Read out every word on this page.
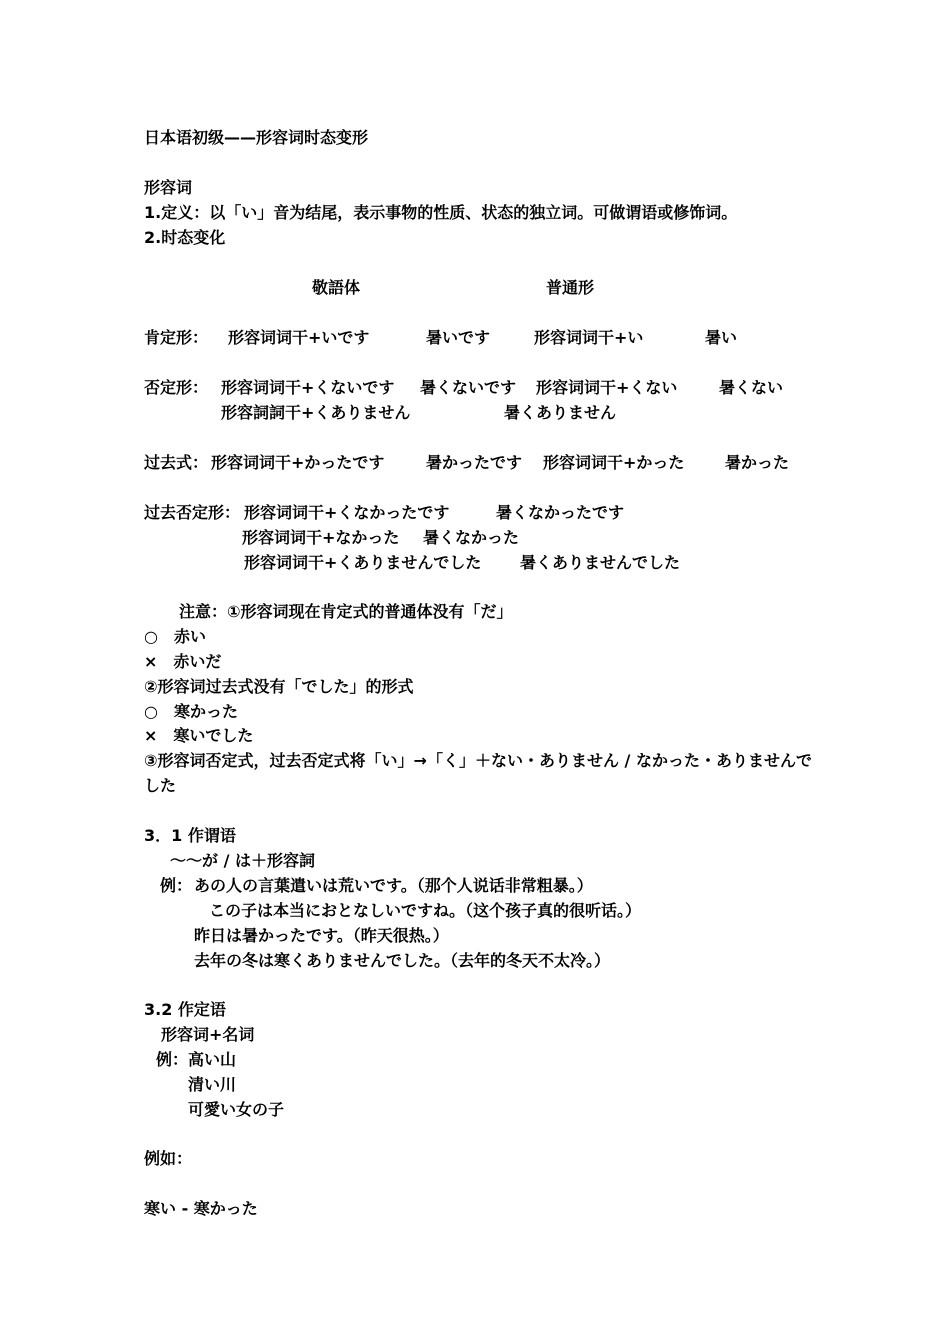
日本语初级——形容词时态变形
形容词
1.定义：以「い」音为结尾，表示事物的性质、状态的独立词。可做谓语或修饰词。
2.时态变化
敬語体	普通形
肯定形： 形容词词干+いです	暑いです	形容词词干+い	暑い
否定形： 形容词词干+くないです 暑くないです 形容词词干+くない	暑くない
形容詞詞干+くありません	暑くありません
过去式： 形容词词干+かったです	暑かったです 形容词词干+かった	暑かった
过去否定形： 形容词词干+くなかったです	暑くなかったです
形容词词干+なかった 暑くなかった
形容词词干+くありませんでした 暑くありませんでした
注意：①形容词现在肯定式的普通体没有「だ」
○　赤い
×　赤いだ
②形容词过去式没有「でした」的形式
○　寒かった
×　寒いでした
③形容词否定式，过去否定式将「い」→「く」＋ない・ありません / なかった・ありませんでした
3．1 作谓语
～～が / は＋形容詞
例： あの人の言葉遣いは荒いです。（那个人说话非常粗暴。）
この子は本当におとなしいですね。（这个孩子真的很听话。）
昨日は暑かったです。（昨天很热。）
去年の冬は寒くありませんでした。（去年的冬天不太冷。）
3.2 作定语
形容词+名词
例： 高い山
清い川
可愛い女の子
例如：
寒い - 寒かった
